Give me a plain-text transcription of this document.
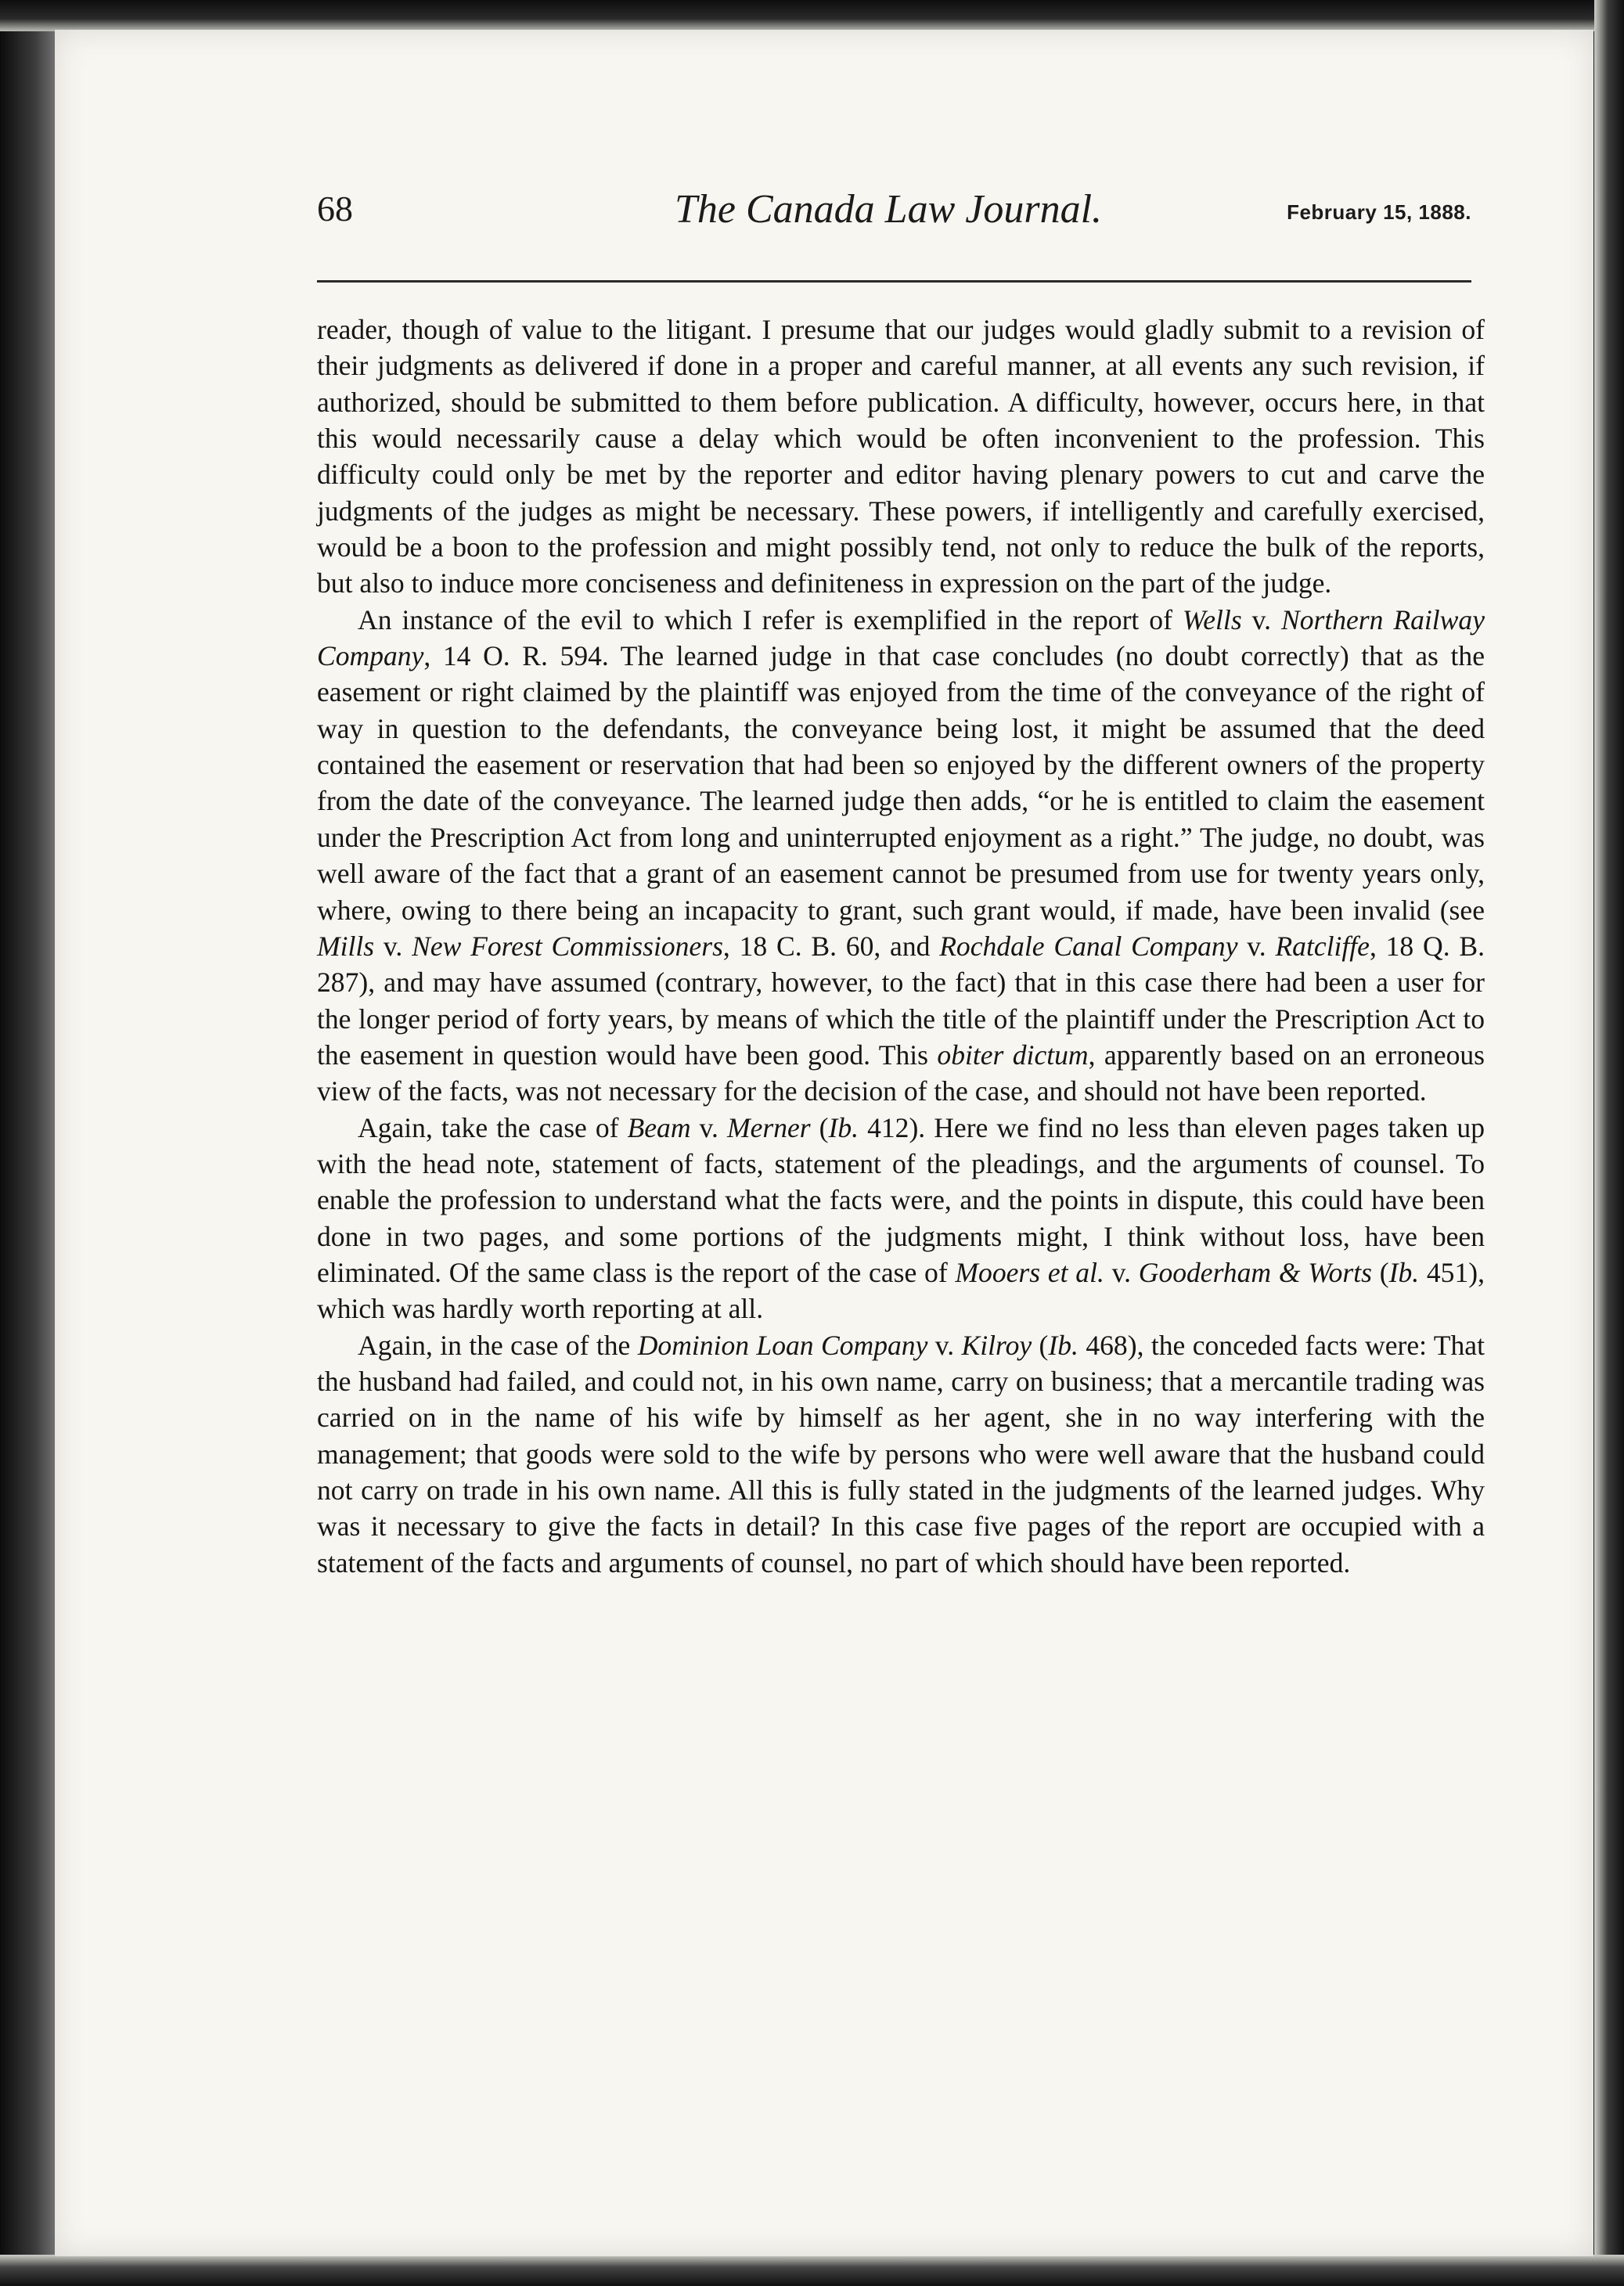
68	The Canada Law Journal.	February 15, 1888.

reader, though of value to the litigant. I presume that our judges would gladly submit to a revision of their judgments as delivered if done in a proper and careful manner, at all events any such revision, if authorized, should be submitted to them before publication. A difficulty, however, occurs here, in that this would necessarily cause a delay which would be often inconvenient to the profession. This difficulty could only be met by the reporter and editor having plenary powers to cut and carve the judgments of the judges as might be necessary. These powers, if intelligently and carefully exercised, would be a boon to the profession and might possibly tend, not only to reduce the bulk of the reports, but also to induce more conciseness and definiteness in expression on the part of the judge.

An instance of the evil to which I refer is exemplified in the report of Wells v. Northern Railway Company, 14 O. R. 594. The learned judge in that case concludes (no doubt correctly) that as the easement or right claimed by the plaintiff was enjoyed from the time of the conveyance of the right of way in question to the defendants, the conveyance being lost, it might be assumed that the deed contained the easement or reservation that had been so enjoyed by the different owners of the property from the date of the conveyance. The learned judge then adds, “or he is entitled to claim the easement under the Prescription Act from long and uninterrupted enjoyment as a right.” The judge, no doubt, was well aware of the fact that a grant of an easement cannot be presumed from use for twenty years only, where, owing to there being an incapacity to grant, such grant would, if made, have been invalid (see Mills v. New Forest Commissioners, 18 C. B. 60, and Rochdale Canal Company v. Ratcliffe, 18 Q. B. 287), and may have assumed (contrary, however, to the fact) that in this case there had been a user for the longer period of forty years, by means of which the title of the plaintiff under the Prescription Act to the easement in question would have been good. This obiter dictum, apparently based on an erroneous view of the facts, was not necessary for the decision of the case, and should not have been reported.

Again, take the case of Beam v. Merner (Ib. 412). Here we find no less than eleven pages taken up with the head note, statement of facts, statement of the pleadings, and the arguments of counsel. To enable the profession to understand what the facts were, and the points in dispute, this could have been done in two pages, and some portions of the judgments might, I think without loss, have been eliminated. Of the same class is the report of the case of Mooers et al. v. Gooderham & Worts (Ib. 451), which was hardly worth reporting at all.

Again, in the case of the Dominion Loan Company v. Kilroy (Ib. 468), the conceded facts were: That the husband had failed, and could not, in his own name, carry on business; that a mercantile trading was carried on in the name of his wife by himself as her agent, she in no way interfering with the management; that goods were sold to the wife by persons who were well aware that the husband could not carry on trade in his own name. All this is fully stated in the judgments of the learned judges. Why was it necessary to give the facts in detail? In this case five pages of the report are occupied with a statement of the facts and arguments of counsel, no part of which should have been reported.
